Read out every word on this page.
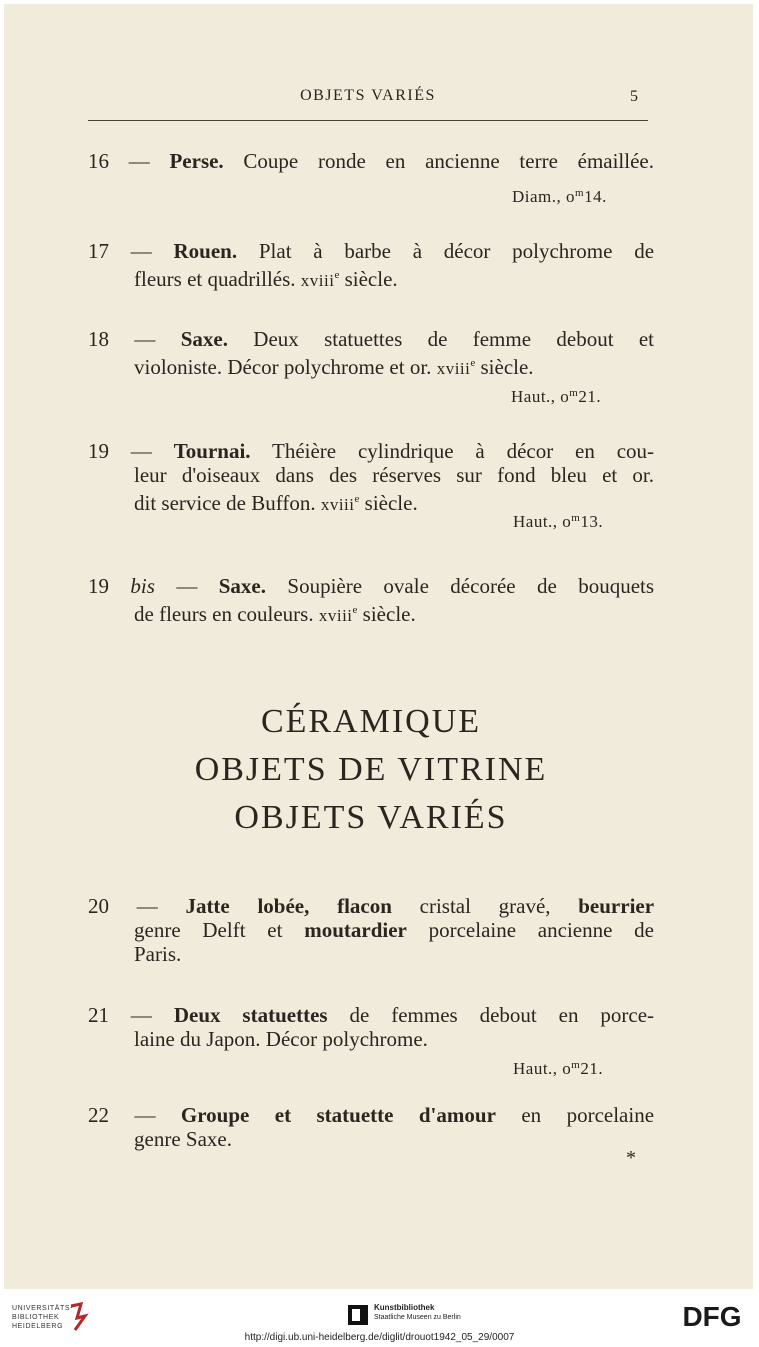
OBJETS VARIÉS	5
16 — Perse. Coupe ronde en ancienne terre émaillée.
Diam., $o^m14$.
17 — Rouen. Plat à barbe à décor polychrome de
fleurs et quadrillés. xviii$^e$ siècle.
18 — Saxe. Deux statuettes de femme debout et
violoniste. Décor polychrome et or. xviii$^e$ siècle.
Haut., $o^m21$.
19 — Tournai. Théière cylindrique à décor en cou-
leur d'oiseaux dans des réserves sur fond bleu et or.
dit service de Buffon. xviii$^e$ siècle.
Haut., $o^m13$.
19 bis — Saxe. Soupière ovale décorée de bouquets
de fleurs en couleurs. xviii$^e$ siècle.
CÉRAMIQUE
OBJETS DE VITRINE
OBJETS VARIÉS
20 — Jatte lobée, flacon cristal gravé, beurrier
genre Delft et moutardier porcelaine ancienne de
Paris.
21 — Deux statuettes de femmes debout en porce-
laine du Japon. Décor polychrome.
Haut., $o^m21$.
22 — Groupe et statuette d'amour en porcelaine
genre Saxe.
*
UNIVERSITÄTS-
BIBLIOTHEK
HEIDELBERG
Kunstbibliothek
Staatliche Museen zu Berlin	DFG
http://digi.ub.uni-heidelberg.de/diglit/drouot1942_05_29/0007
